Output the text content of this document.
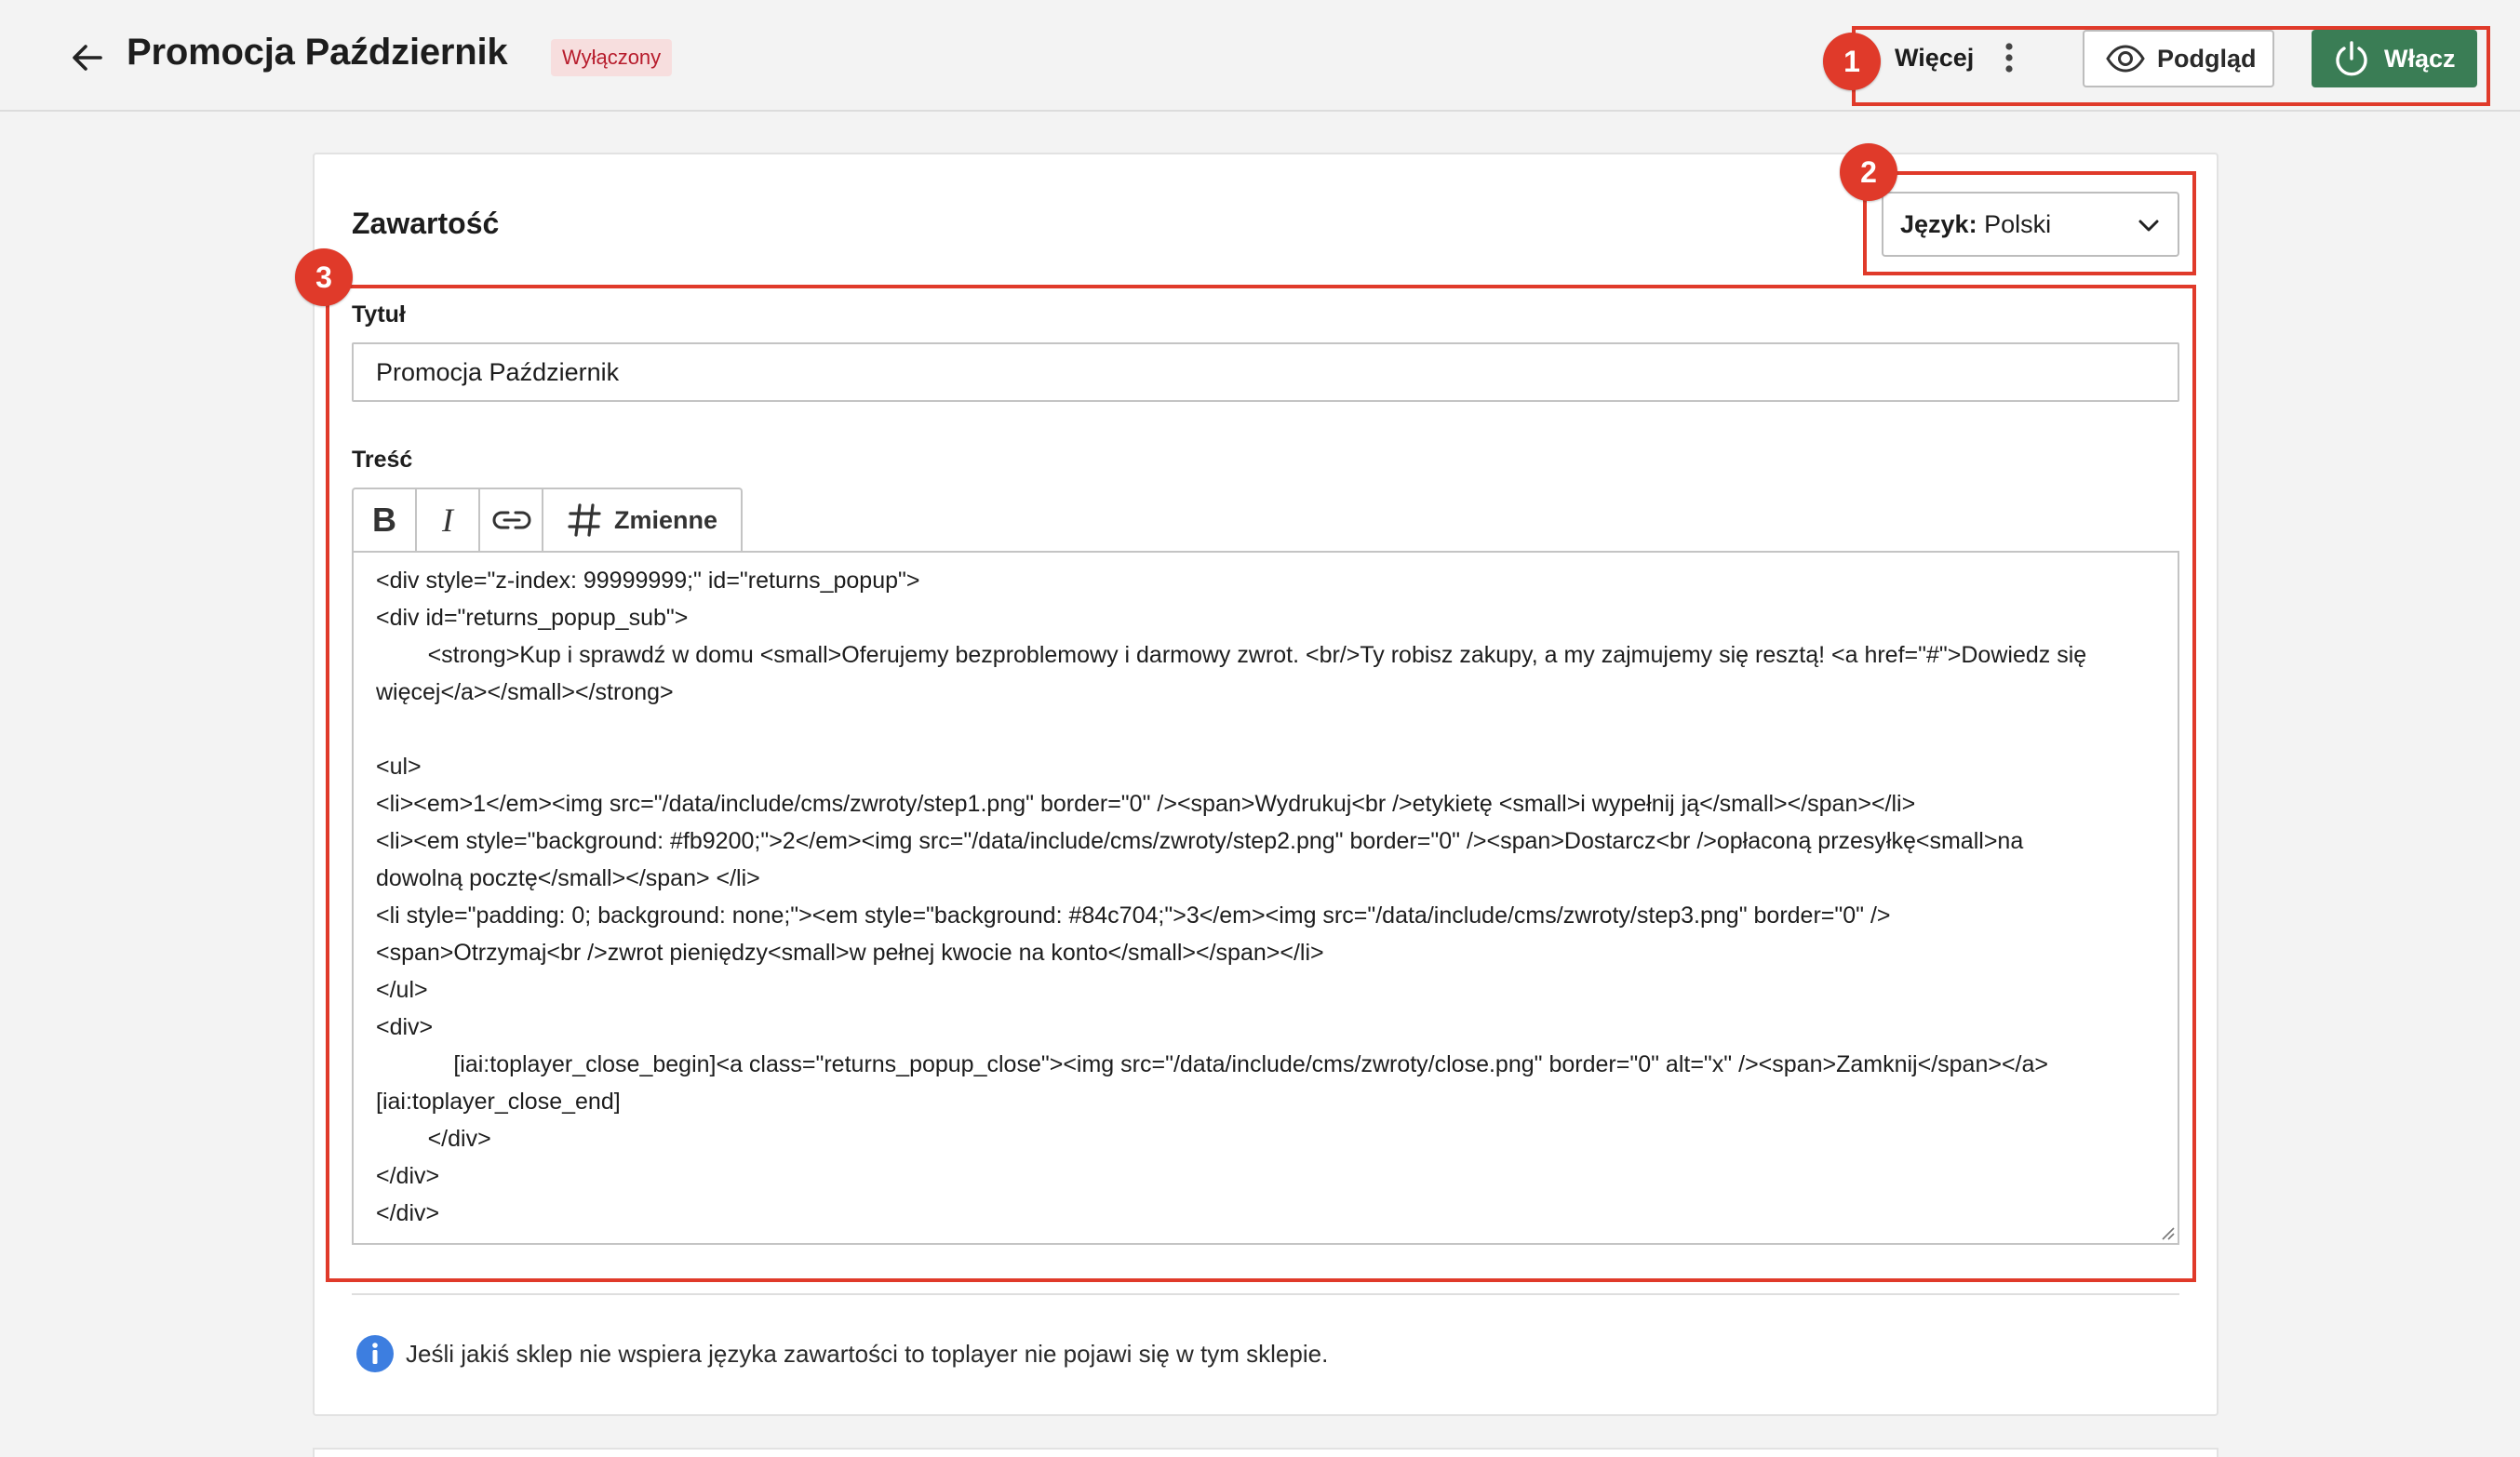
Promocja Październik	Wyłączony	Więcej	Podgląd	Włącz
Zawartość	Język: Polski
Tytuł
Promocja Październik
Treść
B	I	Zmienne
<div style="z-index: 99999999;" id="returns_popup">
<div id="returns_popup_sub">
<strong>Kup i sprawdź w domu <small>Oferujemy bezproblemowy i darmowy zwrot. <br/>Ty robisz zakupy, a my zajmujemy się resztą! <a href="#">Dowiedz się
więcej</a></small></strong>
<ul>
<li><em>1</em><img src="/data/include/cms/zwroty/step1.png" border="0" /><span>Wydrukuj<br />etykietę <small>i wypełnij ją</small></span></li>
<li><em style="background: #fb9200;">2</em><img src="/data/include/cms/zwroty/step2.png" border="0" /><span>Dostarcz<br />opłaconą przesyłkę<small>na
dowolną pocztę</small></span> </li>
<li style="padding: 0; background: none;"><em style="background: #84c704;">3</em><img src="/data/include/cms/zwroty/step3.png" border="0" />
<span>Otrzymaj<br />zwrot pieniędzy<small>w pełnej kwocie na konto</small></span></li>
</ul>
<div>
[iai:toplayer_close_begin]<a class="returns_popup_close"><img src="/data/include/cms/zwroty/close.png" border="0" alt="x" /><span>Zamknij</span></a>
[iai:toplayer_close_end]
</div>
</div>
</div>
Jeśli jakiś sklep nie wspiera języka zawartości to toplayer nie pojawi się w tym sklepie.
1
2
3
